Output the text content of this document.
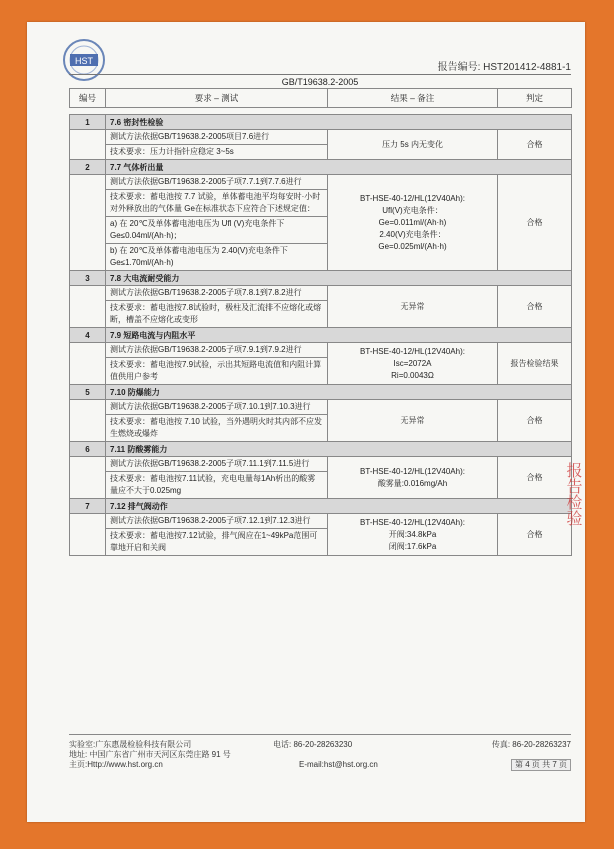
HST
报告编号: HST201412-4881-1
GB/T19638.2-2005
编号	要求 – 测试	结果 – 备注	判定

1	7.6 密封性检验		
	测试方法依据GB/T19638.2-2005项目7.6进行	压力 5s 内无变化	合格
	技术要求：压力计指针应稳定 3~5s		
2	7.7 气体析出量		
	测试方法依据GB/T19638.2-2005子项7.7.1到7.7.6进行	BT-HSE-40-12/HL(12V40Ah):
Ufl(V)充电条件：
Ge=0.011ml/(Ah·h)
2.40(V)充电条件：
Ge=0.025ml/(Ah·h)	合格
	技术要求：蓄电池按 7.7 试验，单体蓄电池平均每安时·小时对外释放出的气体量 Ge在标准状态下应符合下述规定值：		
	a) 在 20℃及单体蓄电池电压为 Ufl (V)充电条件下 Ge≤0.04ml/(Ah·h)；		
	b) 在 20℃及单体蓄电池电压为 2.40(V)充电条件下 Ge≤1.70ml/(Ah·h)		
3	7.8 大电流耐受能力		
	测试方法依据GB/T19638.2-2005子项7.8.1到7.8.2进行	无异常	合格
	技术要求：蓄电池按7.8试验时，极柱及汇流排不应熔化或熔断，槽盖不应熔化或变形		
4	7.9 短路电流与内阻水平		
	测试方法依据GB/T19638.2-2005子项7.9.1到7.9.2进行	BT-HSE-40-12/HL(12V40Ah):
Isc=2072A
Ri=0.0043Ω	报告检验结果
	技术要求：蓄电池按7.9试验，示出其短路电流值和内阻计算值供用户参考		
5	7.10 防爆能力		
	测试方法依据GB/T19638.2-2005子项7.10.1到7.10.3进行	无异常	合格
	技术要求：蓄电池按 7.10 试验，当外遇明火时其内部不应发生燃烧或爆炸		
6	7.11 防酸雾能力		
	测试方法依据GB/T19638.2-2005子项7.11.1到7.11.5进行	BT-HSE-40-12/HL(12V40Ah):
酸雾量:0.016mg/Ah	合格
	技术要求：蓄电池按7.11试验，充电电量每1Ah析出的酸雾量应不大于0.025mg		
7	7.12 排气阀动作		
	测试方法依据GB/T19638.2-2005子项7.12.1到7.12.3进行	BT-HSE-40-12/HL(12V40Ah):
开阀:34.8kPa
闭阀:17.6kPa	合格
	技术要求：蓄电池按7.12试验，排气阀应在1~49kPa范围可靠地开启和关阀		
报告检验
实验室:广东惠晟检验科技有限公司	电话: 86-20-28263230	传真: 86-20-28263237
地址: 中国广东省广州市天河区东莞庄路 91 号
主页:Http://www.hst.org.cn	E-mail:hst@hst.org.cn	第 4 页 共 7 页
